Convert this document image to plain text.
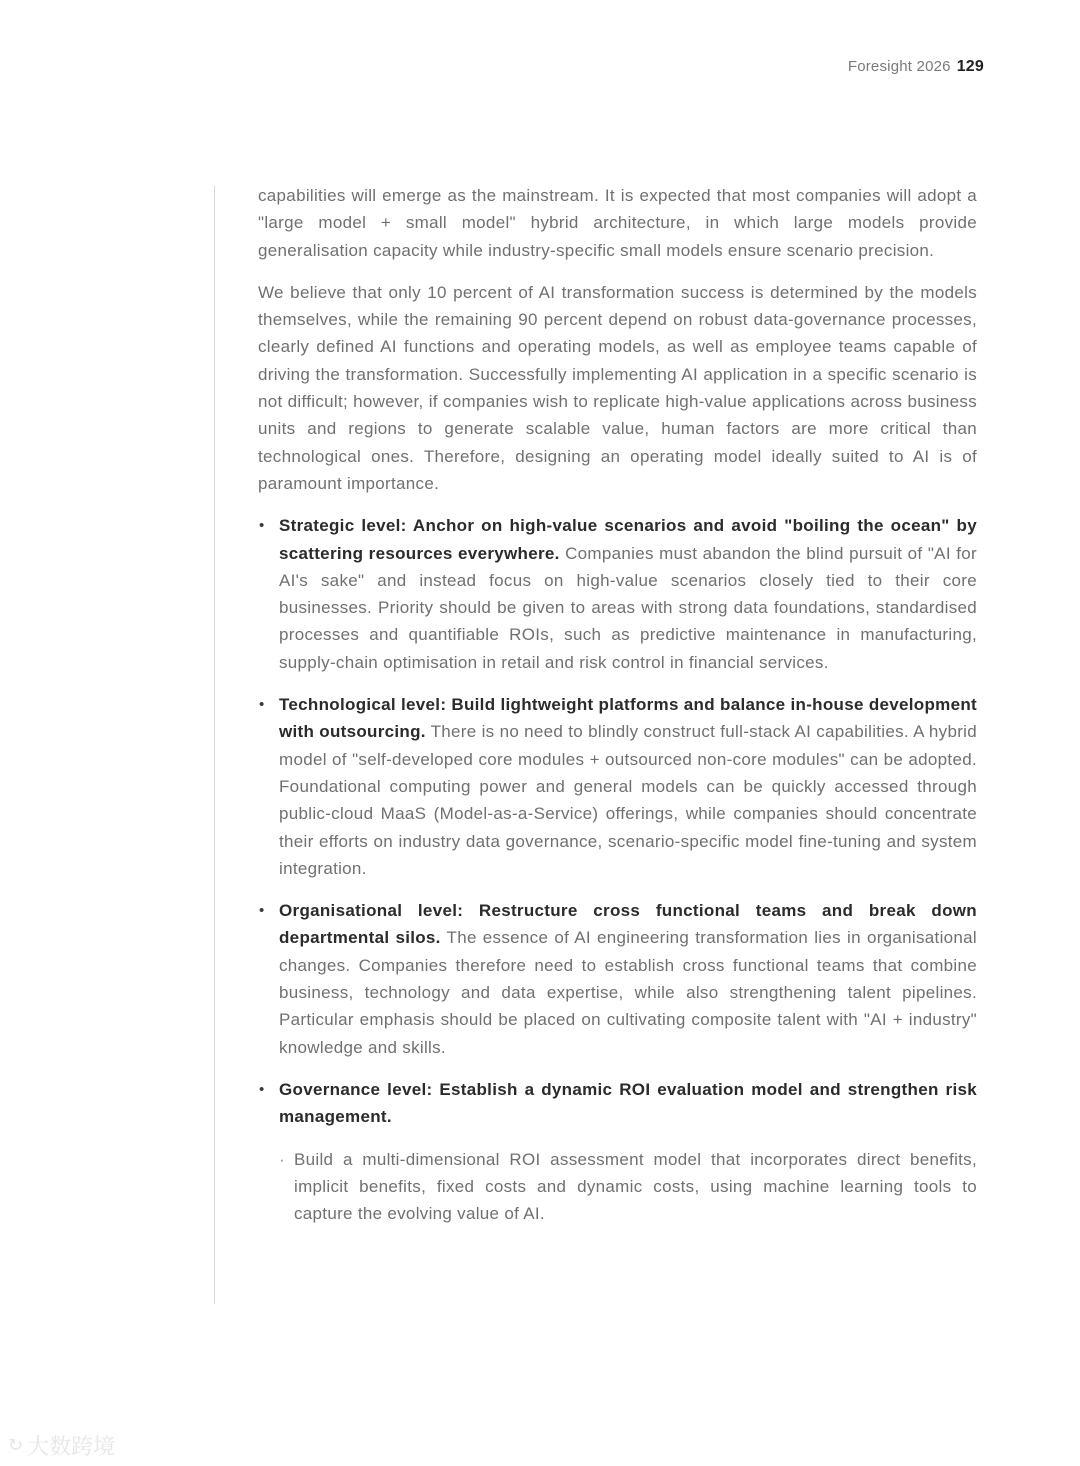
Foresight 2026 129

capabilities will emerge as the mainstream. It is expected that most companies will adopt a "large model + small model" hybrid architecture, in which large models provide generalisation capacity while industry-specific small models ensure scenario precision.

We believe that only 10 percent of AI transformation success is determined by the models themselves, while the remaining 90 percent depend on robust data-governance processes, clearly defined AI functions and operating models, as well as employee teams capable of driving the transformation. Successfully implementing AI application in a specific scenario is not difficult; however, if companies wish to replicate high-value applications across business units and regions to generate scalable value, human factors are more critical than technological ones. Therefore, designing an operating model ideally suited to AI is of paramount importance.

• Strategic level: Anchor on high-value scenarios and avoid "boiling the ocean" by scattering resources everywhere. Companies must abandon the blind pursuit of "AI for AI's sake" and instead focus on high-value scenarios closely tied to their core businesses. Priority should be given to areas with strong data foundations, standardised processes and quantifiable ROIs, such as predictive maintenance in manufacturing, supply-chain optimisation in retail and risk control in financial services.
• Technological level: Build lightweight platforms and balance in-house development with outsourcing. There is no need to blindly construct full-stack AI capabilities. A hybrid model of "self-developed core modules + outsourced non-core modules" can be adopted. Foundational computing power and general models can be quickly accessed through public-cloud MaaS (Model-as-a-Service) offerings, while companies should concentrate their efforts on industry data governance, scenario-specific model fine-tuning and system integration.
• Organisational level: Restructure cross functional teams and break down departmental silos. The essence of AI engineering transformation lies in organisational changes. Companies therefore need to establish cross functional teams that combine business, technology and data expertise, while also strengthening talent pipelines. Particular emphasis should be placed on cultivating composite talent with "AI + industry" knowledge and skills.
• Governance level: Establish a dynamic ROI evaluation model and strengthen risk management.
· Build a multi-dimensional ROI assessment model that incorporates direct benefits, implicit benefits, fixed costs and dynamic costs, using machine learning tools to capture the evolving value of AI.
↻ 大数跨境
